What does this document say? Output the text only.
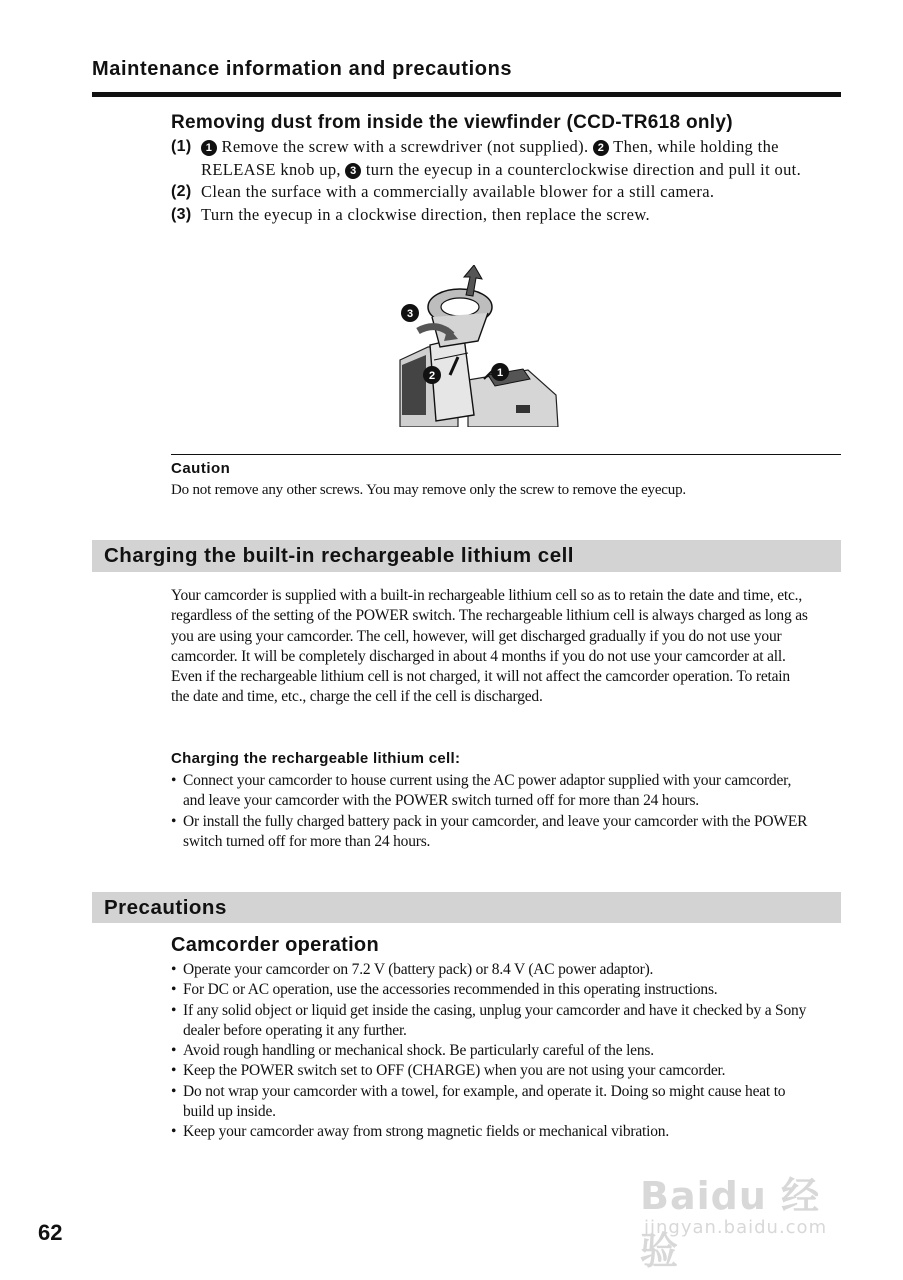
Maintenance information and precautions
Removing dust from inside the viewfinder (CCD-TR618 only)
(1) 1 Remove the screw with a screwdriver (not supplied). 2 Then, while holding the RELEASE knob up, 3 turn the eyecup in a counterclockwise direction and pull it out.
(2) Clean the surface with a commercially available blower for a still camera.
(3) Turn the eyecup in a clockwise direction, then replace the screw.
3
2	1
Caution
Do not remove any other screws. You may remove only the screw to remove the eyecup.
Charging the built-in rechargeable lithium cell
Your camcorder is supplied with a built-in rechargeable lithium cell so as to retain the date and time, etc., regardless of the setting of the POWER switch. The rechargeable lithium cell is always charged as long as you are using your camcorder. The cell, however, will get discharged gradually if you do not use your camcorder. It will be completely discharged in about 4 months if you do not use your camcorder at all. Even if the rechargeable lithium cell is not charged, it will not affect the camcorder operation. To retain the date and time, etc., charge the cell if the cell is discharged.
Charging the rechargeable lithium cell:
• Connect your camcorder to house current using the AC power adaptor supplied with your camcorder, and leave your camcorder with the POWER switch turned off for more than 24 hours.
• Or install the fully charged battery pack in your camcorder, and leave your camcorder with the POWER switch turned off for more than 24 hours.
Precautions
Camcorder operation
• Operate your camcorder on 7.2 V (battery pack) or 8.4 V (AC power adaptor).
• For DC or AC operation, use the accessories recommended in this operating instructions.
• If any solid object or liquid get inside the casing, unplug your camcorder and have it checked by a Sony dealer before operating it any further.
• Avoid rough handling or mechanical shock. Be particularly careful of the lens.
• Keep the POWER switch set to OFF (CHARGE) when you are not using your camcorder.
• Do not wrap your camcorder with a towel, for example, and operate it. Doing so might cause heat to build up inside.
• Keep your camcorder away from strong magnetic fields or mechanical vibration.
62
Baidu 经验
jingyan.baidu.com
